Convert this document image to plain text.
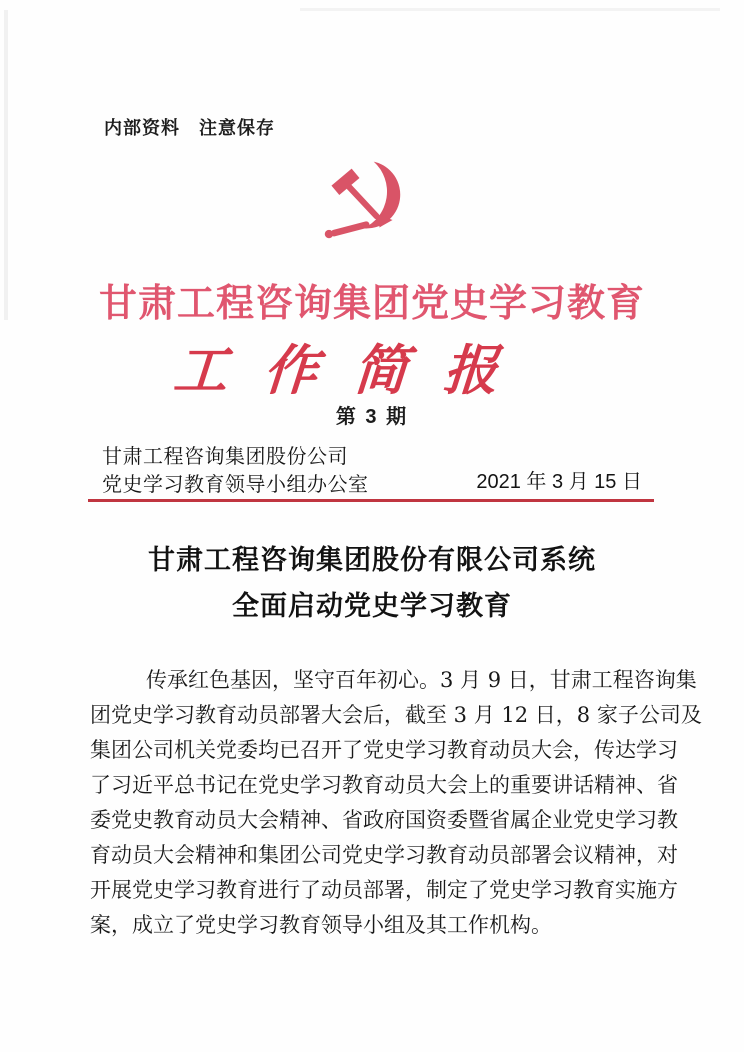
内部资料　注意保存
甘肃工程咨询集团党史学习教育
工作简报
第 3 期
甘肃工程咨询集团股份公司
党史学习教育领导小组办公室	2021 年 3 月 15 日
甘肃工程咨询集团股份有限公司系统
全面启动党史学习教育
传承红色基因，坚守百年初心。3 月 9 日，甘肃工程咨询集
团党史学习教育动员部署大会后，截至 3 月 12 日，8 家子公司及
集团公司机关党委均已召开了党史学习教育动员大会，传达学习
了习近平总书记在党史学习教育动员大会上的重要讲话精神、省
委党史教育动员大会精神、省政府国资委暨省属企业党史学习教
育动员大会精神和集团公司党史学习教育动员部署会议精神，对
开展党史学习教育进行了动员部署，制定了党史学习教育实施方
案，成立了党史学习教育领导小组及其工作机构。
